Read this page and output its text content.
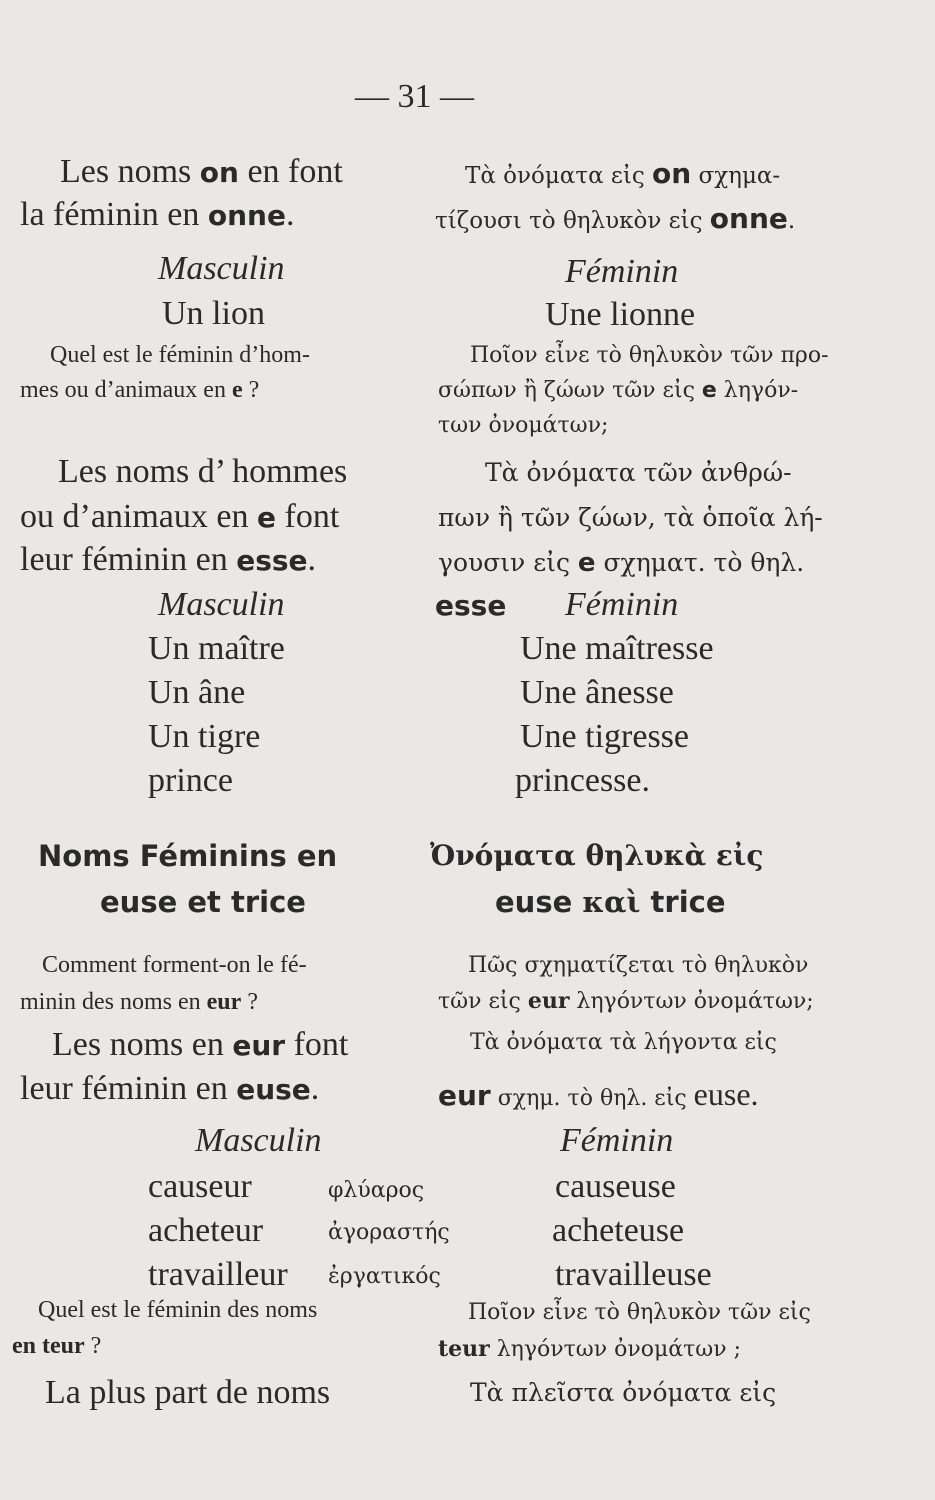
— 31 —
Les noms on en font
la féminin en onne.
Masculin
Un lion
Quel est le féminin d’hom-
mes ou d’animaux en e ?
Les noms d’ hommes
ou d’animaux en e font
leur féminin en esse.
Masculin
Un maître
Un âne
Un tigre
prince
Noms Féminins en
euse et trice
Comment forment-on le fé-
minin des noms en eur ?
Les noms en eur font
leur féminin en euse.
Masculin
causeur
acheteur
travailleur
φλύαρος
ἀγοραστής
ἐργατικός
Quel est le féminin des noms
en teur ?
La plus part de noms
Τὰ ὀνόματα εἰς on σχημα-
τίζουσι τὸ θηλυκὸν εἰς onne.
Féminin
Une lionne
Ποῖον εἶνε τὸ θηλυκὸν τῶν προ-
σώπων ἢ ζώων τῶν εἰς e ληγόν-
των ὀνομάτων;
Τὰ ὀνόματα τῶν ἀνθρώ-
πων ἢ τῶν ζώων, τὰ ὁποῖα λή-
γουσιν εἰς e σχηματ. τὸ θηλ.
esse Féminin
Une maîtresse
Une ânesse
Une tigresse
princesse.
Ὀνόματα θηλυκὰ εἰς
euse καὶ trice
Πῶς σχηματίζεται τὸ θηλυκὸν
τῶν εἰς eur ληγόντων ὀνομάτων;
Τὰ ὀνόματα τὰ λήγοντα εἰς
eur σχημ. τὸ θηλ. εἰς euse.
Féminin
causeuse
acheteuse
travailleuse
Ποῖον εἶνε τὸ θηλυκὸν τῶν εἰς
teur ληγόντων ὀνομάτων ;
Τὰ πλεῖστα ὀνόματα εἰς
